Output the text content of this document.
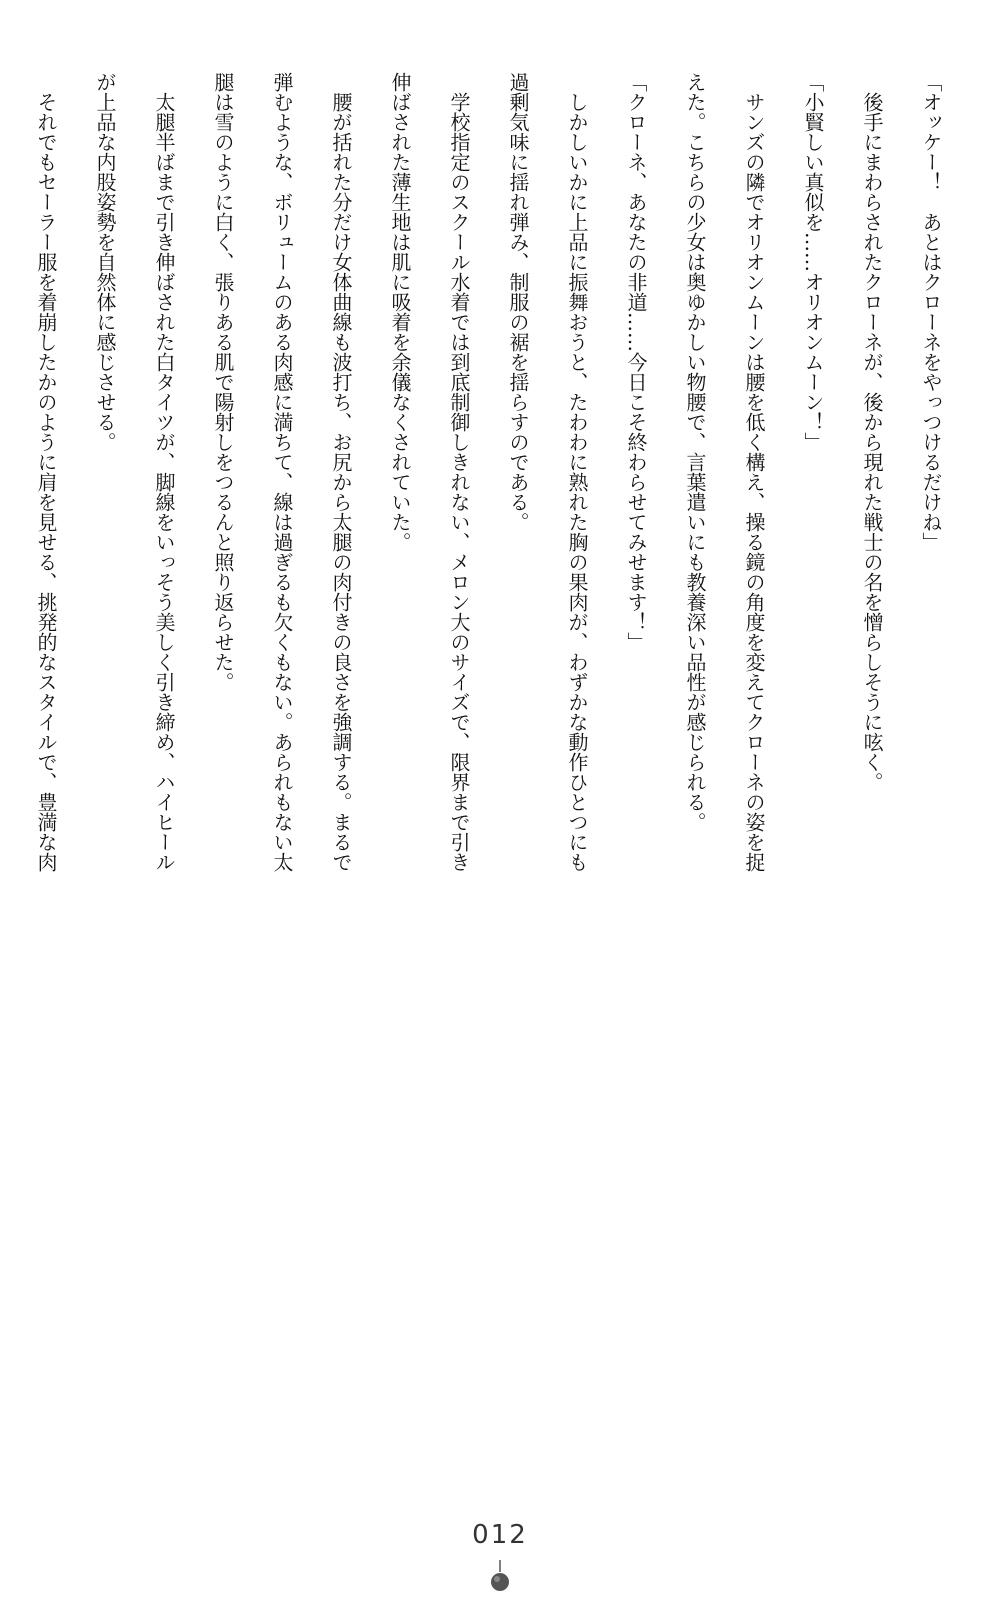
「オッケー！　あとはクローネをやっつけるだけね」
　後手にまわらされたクローネが、後から現れた戦士の名を憎らしそうに呟く。
「小賢しい真似を……オリオンムーン！」
　サンズの隣でオリオンムーンは腰を低く構え、操る鏡の角度を変えてクローネの姿を捉
えた。こちらの少女は奥ゆかしい物腰で、言葉遣いにも教養深い品性が感じられる。
「クローネ、あなたの非道……今日こそ終わらせてみせます！」
　しかしいかに上品に振舞おうと、たわわに熟れた胸の果肉が、わずかな動作ひとつにも
過剰気味に揺れ弾み、制服の裾を揺らすのである。
　学校指定のスクール水着では到底制御しきれない、メロン大のサイズで、限界まで引き
伸ばされた薄生地は肌に吸着を余儀なくされていた。
　腰が括れた分だけ女体曲線も波打ち、お尻から太腿の肉付きの良さを強調する。まるで
弾むような、ボリュームのある肉感に満ちて、線は過ぎるも欠くもない。あられもない太
腿は雪のように白く、張りある肌で陽射しをつるんと照り返らせた。
　太腿半ばまで引き伸ばされた白タイツが、脚線をいっそう美しく引き締め、ハイヒール
が上品な内股姿勢を自然体に感じさせる。
　それでもセーラー服を着崩したかのように肩を見せる、挑発的なスタイルで、豊満な肉
012
